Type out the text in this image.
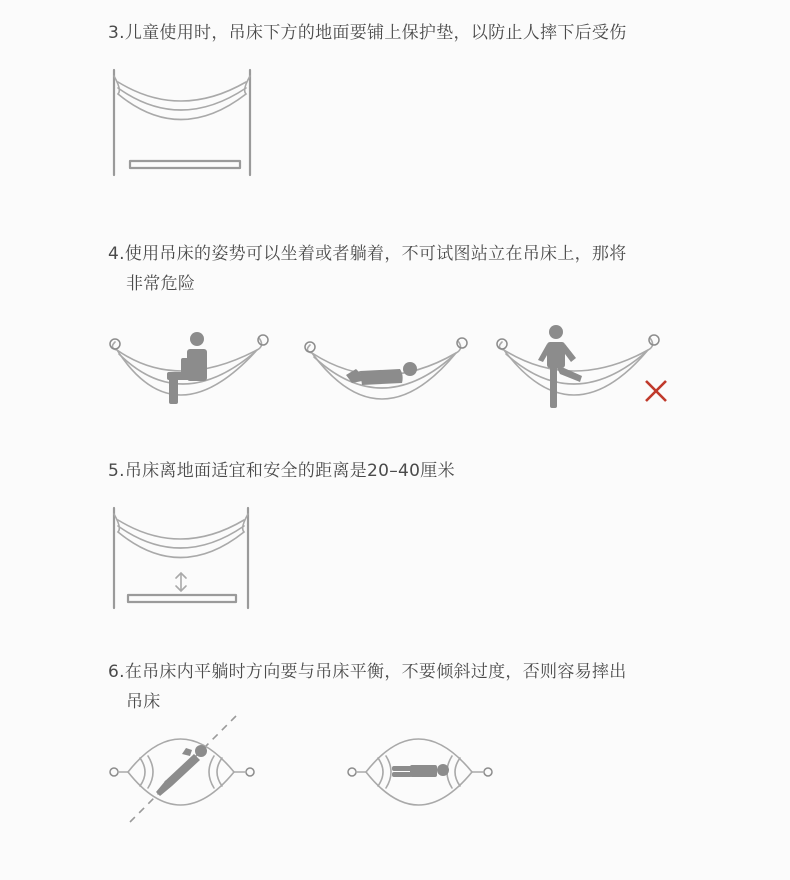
3.儿童使用时，吊床下方的地面要铺上保护垫，以防止人摔下后受伤
4.使用吊床的姿势可以坐着或者躺着，不可试图站立在吊床上，那将
非常危险
5.吊床离地面适宜和安全的距离是20–40厘米
6.在吊床内平躺时方向要与吊床平衡，不要倾斜过度，否则容易摔出
吊床
